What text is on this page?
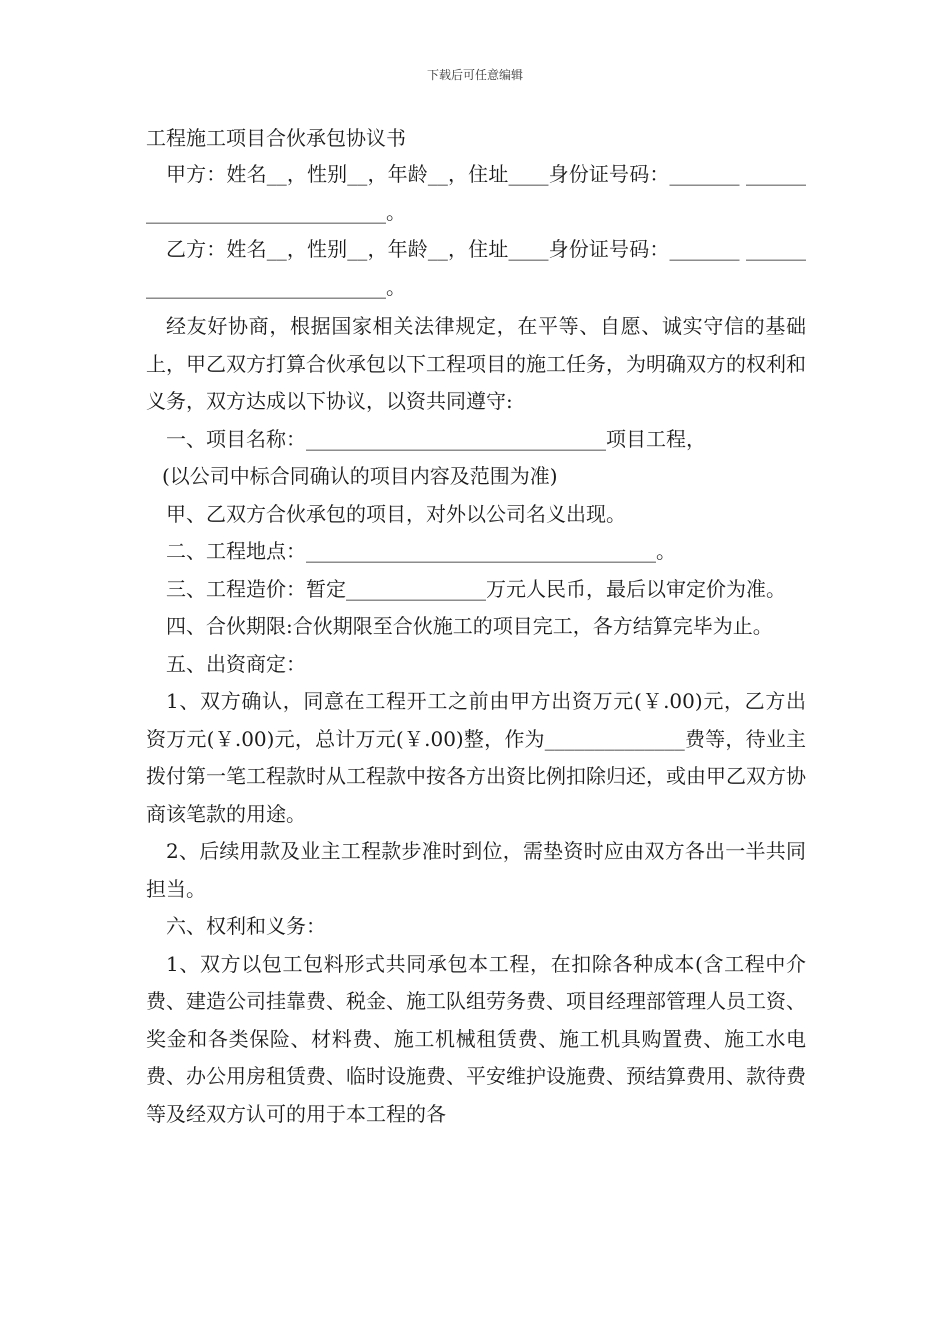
下载后可任意编辑
工程施工项目合伙承包协议书
甲方：姓名__，性别__，年龄__，住址____身份证号码：_______ ______________________________。
乙方：姓名__，性别__，年龄__，住址____身份证号码：_______ ______________________________。
经友好协商，根据国家相关法律规定，在平等、自愿、诚实守信的基础上，甲乙双方打算合伙承包以下工程项目的施工任务，为明确双方的权利和义务，双方达成以下协议，以资共同遵守:
一、项目名称：______________________________项目工程，
(以公司中标合同确认的项目内容及范围为准)
甲、乙双方合伙承包的项目，对外以公司名义出现。
二、工程地点：___________________________________。
三、工程造价：暂定______________万元人民币，最后以审定价为准。
四、合伙期限:合伙期限至合伙施工的项目完工，各方结算完毕为止。
五、出资商定：
1、双方确认，同意在工程开工之前由甲方出资万元(￥.00)元，乙方出资万元(￥.00)元，总计万元(￥.00)整，作为______________费等，待业主拨付第一笔工程款时从工程款中按各方出资比例扣除归还，或由甲乙双方协商该笔款的用途。
2、后续用款及业主工程款步准时到位，需垫资时应由双方各出一半共同担当。
六、权利和义务：
1、双方以包工包料形式共同承包本工程，在扣除各种成本(含工程中介费、建造公司挂靠费、税金、施工队组劳务费、项目经理部管理人员工资、奖金和各类保险、材料费、施工机械租赁费、施工机具购置费、施工水电费、办公用房租赁费、临时设施费、平安维护设施费、预结算费用、款待费等及经双方认可的用于本工程的各
